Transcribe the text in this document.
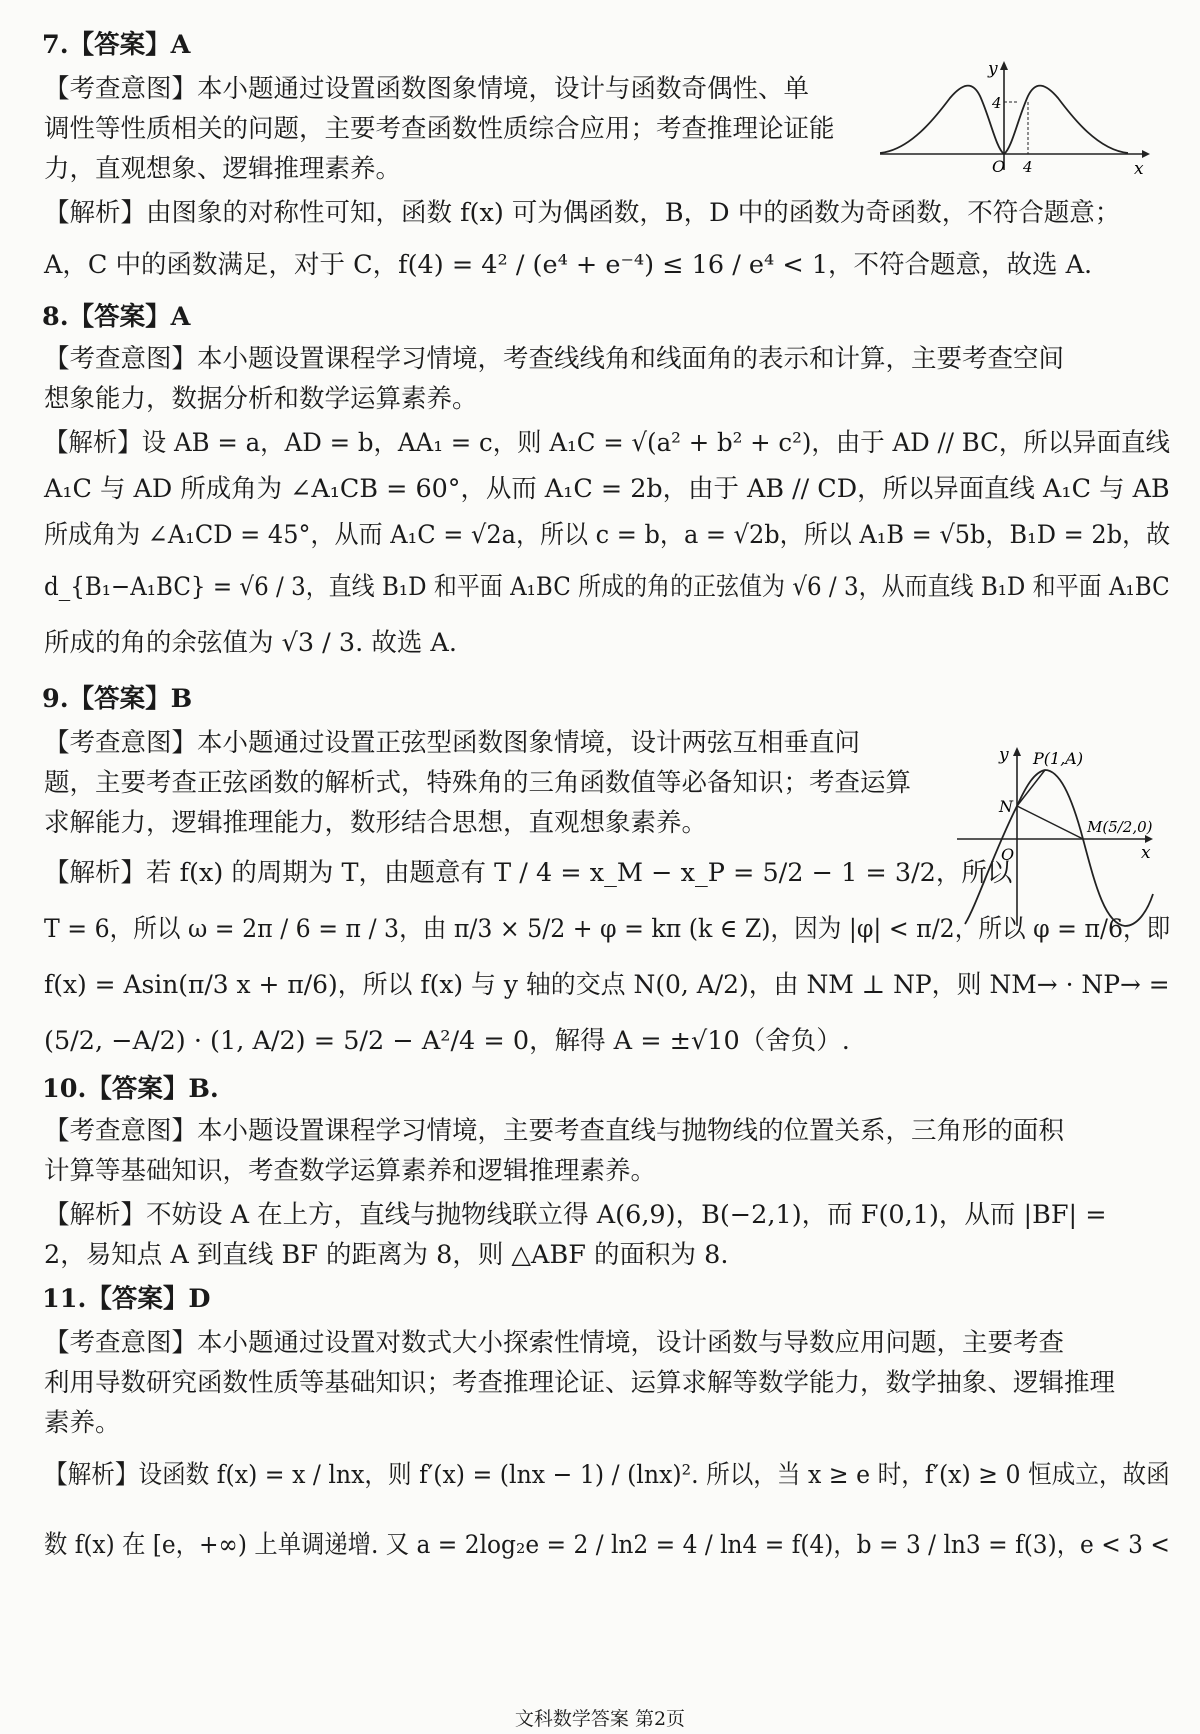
7.【答案】A
【考查意图】本小题通过设置函数图象情境，设计与函数奇偶性、单
调性等性质相关的问题，主要考查函数性质综合应用；考查推理论证能
力，直观想象、逻辑推理素养。
【解析】由图象的对称性可知，函数 f(x) 可为偶函数，B，D 中的函数为奇函数，不符合题意；
A，C 中的函数满足，对于 C，f(4) = 4² / (e⁴ + e⁻⁴) ≤ 16 / e⁴ < 1，不符合题意，故选 A.
y
x
O 4
4
8.【答案】A
【考查意图】本小题设置课程学习情境，考查线线角和线面角的表示和计算，主要考查空间
想象能力，数据分析和数学运算素养。
【解析】设 AB = a，AD = b，AA₁ = c，则 A₁C = √(a² + b² + c²)，由于 AD // BC，所以异面直线
A₁C 与 AD 所成角为 ∠A₁CB = 60°，从而 A₁C = 2b，由于 AB // CD，所以异面直线 A₁C 与 AB
所成角为 ∠A₁CD = 45°，从而 A₁C = √2a，所以 c = b，a = √2b，所以 A₁B = √5b，B₁D = 2b，故
d_{B₁−A₁BC} = √6 / 3，直线 B₁D 和平面 A₁BC 所成的角的正弦值为 √6 / 3，从而直线 B₁D 和平面 A₁BC
所成的角的余弦值为 √3 / 3. 故选 A.
9.【答案】B
【考查意图】本小题通过设置正弦型函数图象情境，设计两弦互相垂直问
题，主要考查正弦函数的解析式，特殊角的三角函数值等必备知识；考查运算
求解能力，逻辑推理能力，数形结合思想，直观想象素养。
【解析】若 f(x) 的周期为 T，由题意有 T / 4 = x_M − x_P = 5/2 − 1 = 3/2，所以
T = 6，所以 ω = 2π / 6 = π / 3，由 π/3 × 5/2 + φ = kπ (k ∈ Z)，因为 |φ| < π/2，所以 φ = π/6，即
f(x) = Asin(π/3 x + π/6)，所以 f(x) 与 y 轴的交点 N(0, A/2)，由 NM ⊥ NP，则 NM→ · NP→ =
(5/2, −A/2) · (1, A/2) = 5/2 − A²/4 = 0，解得 A = ±√10（舍负）.
P(1,A)
N
M(5/2,0)
y
x
O
10.【答案】B.
【考查意图】本小题设置课程学习情境，主要考查直线与抛物线的位置关系，三角形的面积
计算等基础知识，考查数学运算素养和逻辑推理素养。
【解析】不妨设 A 在上方，直线与抛物线联立得 A(6,9)，B(−2,1)，而 F(0,1)，从而 |BF| =
2，易知点 A 到直线 BF 的距离为 8，则 △ABF 的面积为 8.
11.【答案】D
【考查意图】本小题通过设置对数式大小探索性情境，设计函数与导数应用问题，主要考查
利用导数研究函数性质等基础知识；考查推理论证、运算求解等数学能力，数学抽象、逻辑推理
素养。
【解析】设函数 f(x) = x / lnx，则 f′(x) = (lnx − 1) / (lnx)². 所以，当 x ≥ e 时，f′(x) ≥ 0 恒成立，故函
数 f(x) 在 [e，+∞) 上单调递增. 又 a = 2log₂e = 2 / ln2 = 4 / ln4 = f(4)，b = 3 / ln3 = f(3)，e < 3 <
文科数学答案 第2页
